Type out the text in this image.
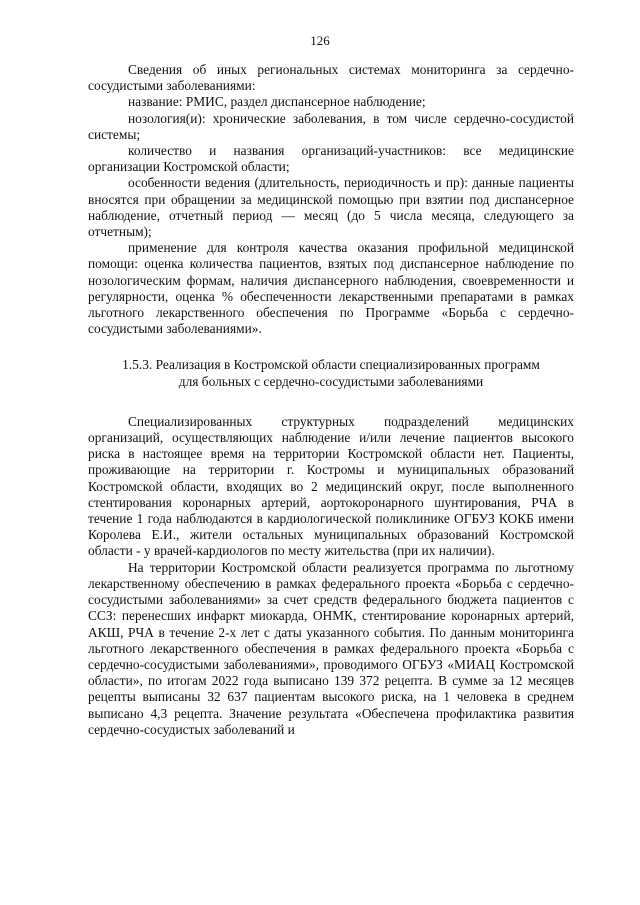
126

Сведения об иных региональных системах мониторинга за сердечно-сосудистыми заболеваниями:

название: РМИС, раздел диспансерное наблюдение;

нозология(и): хронические заболевания, в том числе сердечно-сосудистой системы;

количество и названия организаций-участников: все медицинские организации Костромской области;

особенности ведения (длительность, периодичность и пр): данные пациенты вносятся при обращении за медицинской помощью при взятии под диспансерное наблюдение, отчетный период — месяц (до 5 числа месяца, следующего за отчетным);

применение для контроля качества оказания профильной медицинской помощи: оценка количества пациентов, взятых под диспансерное наблюдение по нозологическим формам, наличия диспансерного наблюдения, своевременности и регулярности, оценка % обеспеченности лекарственными препаратами в рамках льготного лекарственного обеспечения по Программе «Борьба с сердечно-сосудистыми заболеваниями».

1.5.3. Реализация в Костромской области специализированных программ
для больных с сердечно-сосудистыми заболеваниями

Специализированных структурных подразделений медицинских организаций, осуществляющих наблюдение и/или лечение пациентов высокого риска в настоящее время на территории Костромской области нет. Пациенты, проживающие на территории г. Костромы и муниципальных образований Костромской области, входящих во 2 медицинский округ, после выполненного стентирования коронарных артерий, аортокоронарного шунтирования, РЧА в течение 1 года наблюдаются в кардиологической поликлинике ОГБУЗ КОКБ имени Королева Е.И., жители остальных муниципальных образований Костромской области - у врачей-кардиологов по месту жительства (при их наличии).

На территории Костромской области реализуется программа по льготному лекарственному обеспечению в рамках федерального проекта «Борьба с сердечно-сосудистыми заболеваниями» за счет средств федерального бюджета пациентов с ССЗ: перенесших инфаркт миокарда, ОНМК, стентирование коронарных артерий, АКШ, РЧА в течение 2-х лет с даты указанного события. По данным мониторинга льготного лекарственного обеспечения в рамках федерального проекта «Борьба с сердечно-сосудистыми заболеваниями», проводимого ОГБУЗ «МИАЦ Костромской области», по итогам 2022 года выписано 139 372 рецепта. В сумме за 12 месяцев рецепты выписаны 32 637 пациентам высокого риска, на 1 человека в среднем выписано 4,3 рецепта. Значение результата «Обеспечена профилактика развития сердечно-сосудистых заболеваний и
